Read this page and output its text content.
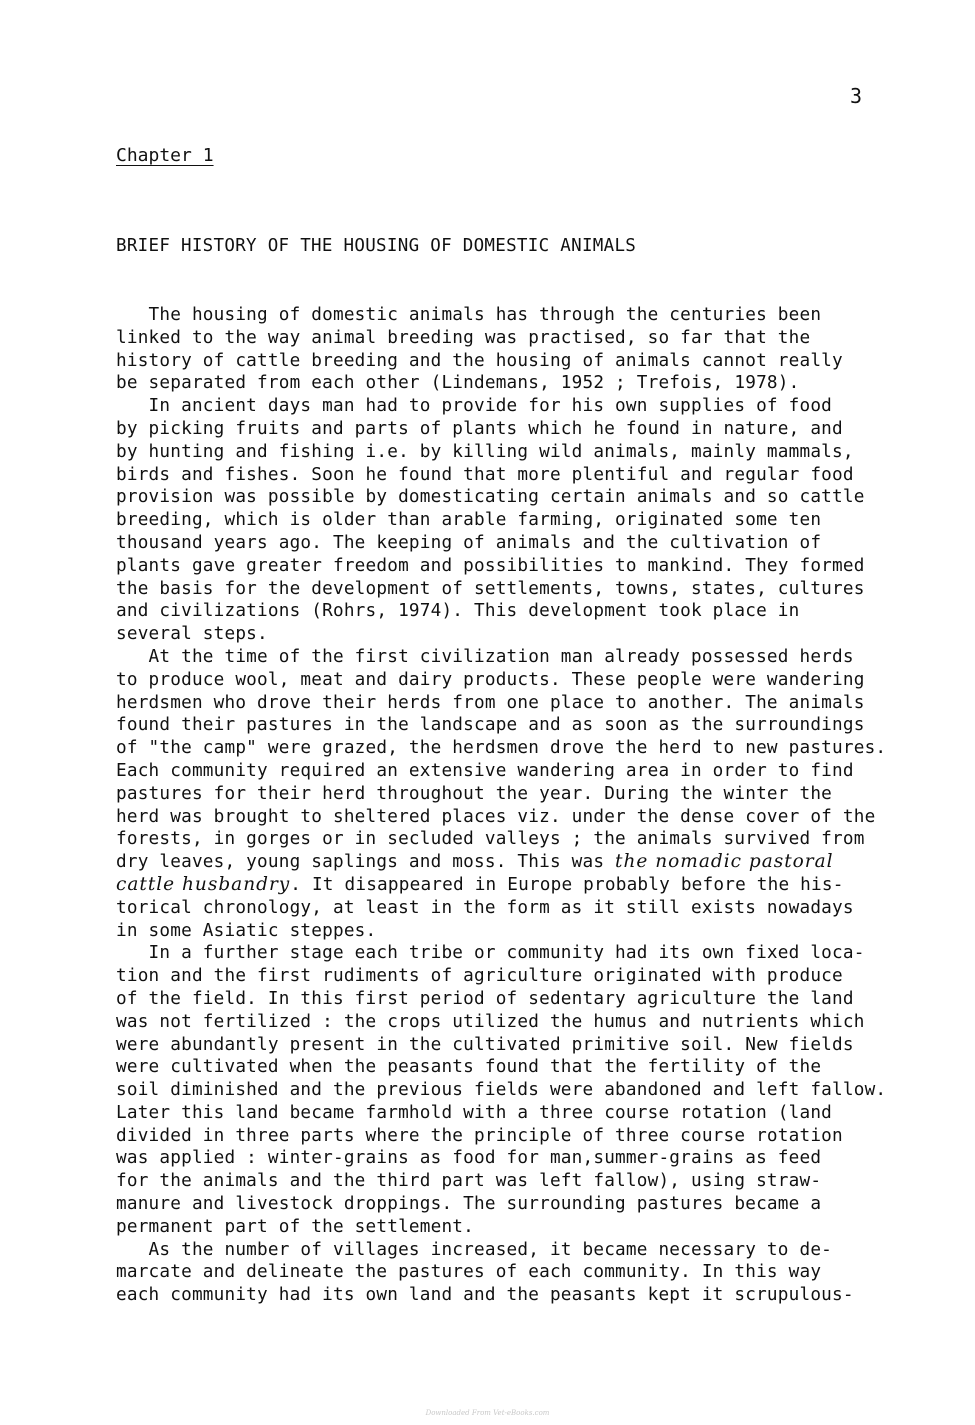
3
Chapter 1
BRIEF HISTORY OF THE HOUSING OF DOMESTIC ANIMALS
The housing of domestic animals has through the centuries been
linked to the way animal breeding was practised, so far that the
history of cattle breeding and the housing of animals cannot really
be separated from each other (Lindemans, 1952 ; Trefois, 1978).
In ancient days man had to provide for his own supplies of food
by picking fruits and parts of plants which he found in nature, and
by hunting and fishing i.e. by killing wild animals, mainly mammals,
birds and fishes. Soon he found that more plentiful and regular food
provision was possible by domesticating certain animals and so cattle
breeding, which is older than arable farming, originated some ten
thousand years ago. The keeping of animals and the cultivation of
plants gave greater freedom and possibilities to mankind. They formed
the basis for the development of settlements, towns, states, cultures
and civilizations (Rohrs, 1974). This development took place in
several steps.
At the time of the first civilization man already possessed herds
to produce wool, meat and dairy products. These people were wandering
herdsmen who drove their herds from one place to another. The animals
found their pastures in the landscape and as soon as the surroundings
of "the camp" were grazed, the herdsmen drove the herd to new pastures.
Each community required an extensive wandering area in order to find
pastures for their herd throughout the year. During the winter the
herd was brought to sheltered places viz. under the dense cover of the
forests, in gorges or in secluded valleys ; the animals survived from
dry leaves, young saplings and moss. This was the nomadic pastoral
cattle husbandry. It disappeared in Europe probably before the his-
torical chronology, at least in the form as it still exists nowadays
in some Asiatic steppes.
In a further stage each tribe or community had its own fixed loca-
tion and the first rudiments of agriculture originated with produce
of the field. In this first period of sedentary agriculture the land
was not fertilized : the crops utilized the humus and nutrients which
were abundantly present in the cultivated primitive soil. New fields
were cultivated when the peasants found that the fertility of the
soil diminished and the previous fields were abandoned and left fallow.
Later this land became farmhold with a three course rotation (land
divided in three parts where the principle of three course rotation
was applied : winter-grains as food for man,summer-grains as feed
for the animals and the third part was left fallow), using straw-
manure and livestock droppings. The surrounding pastures became a
permanent part of the settlement.
As the number of villages increased, it became necessary to de-
marcate and delineate the pastures of each community. In this way
each community had its own land and the peasants kept it scrupulous-
Downloaded From Vet-eBooks.com
